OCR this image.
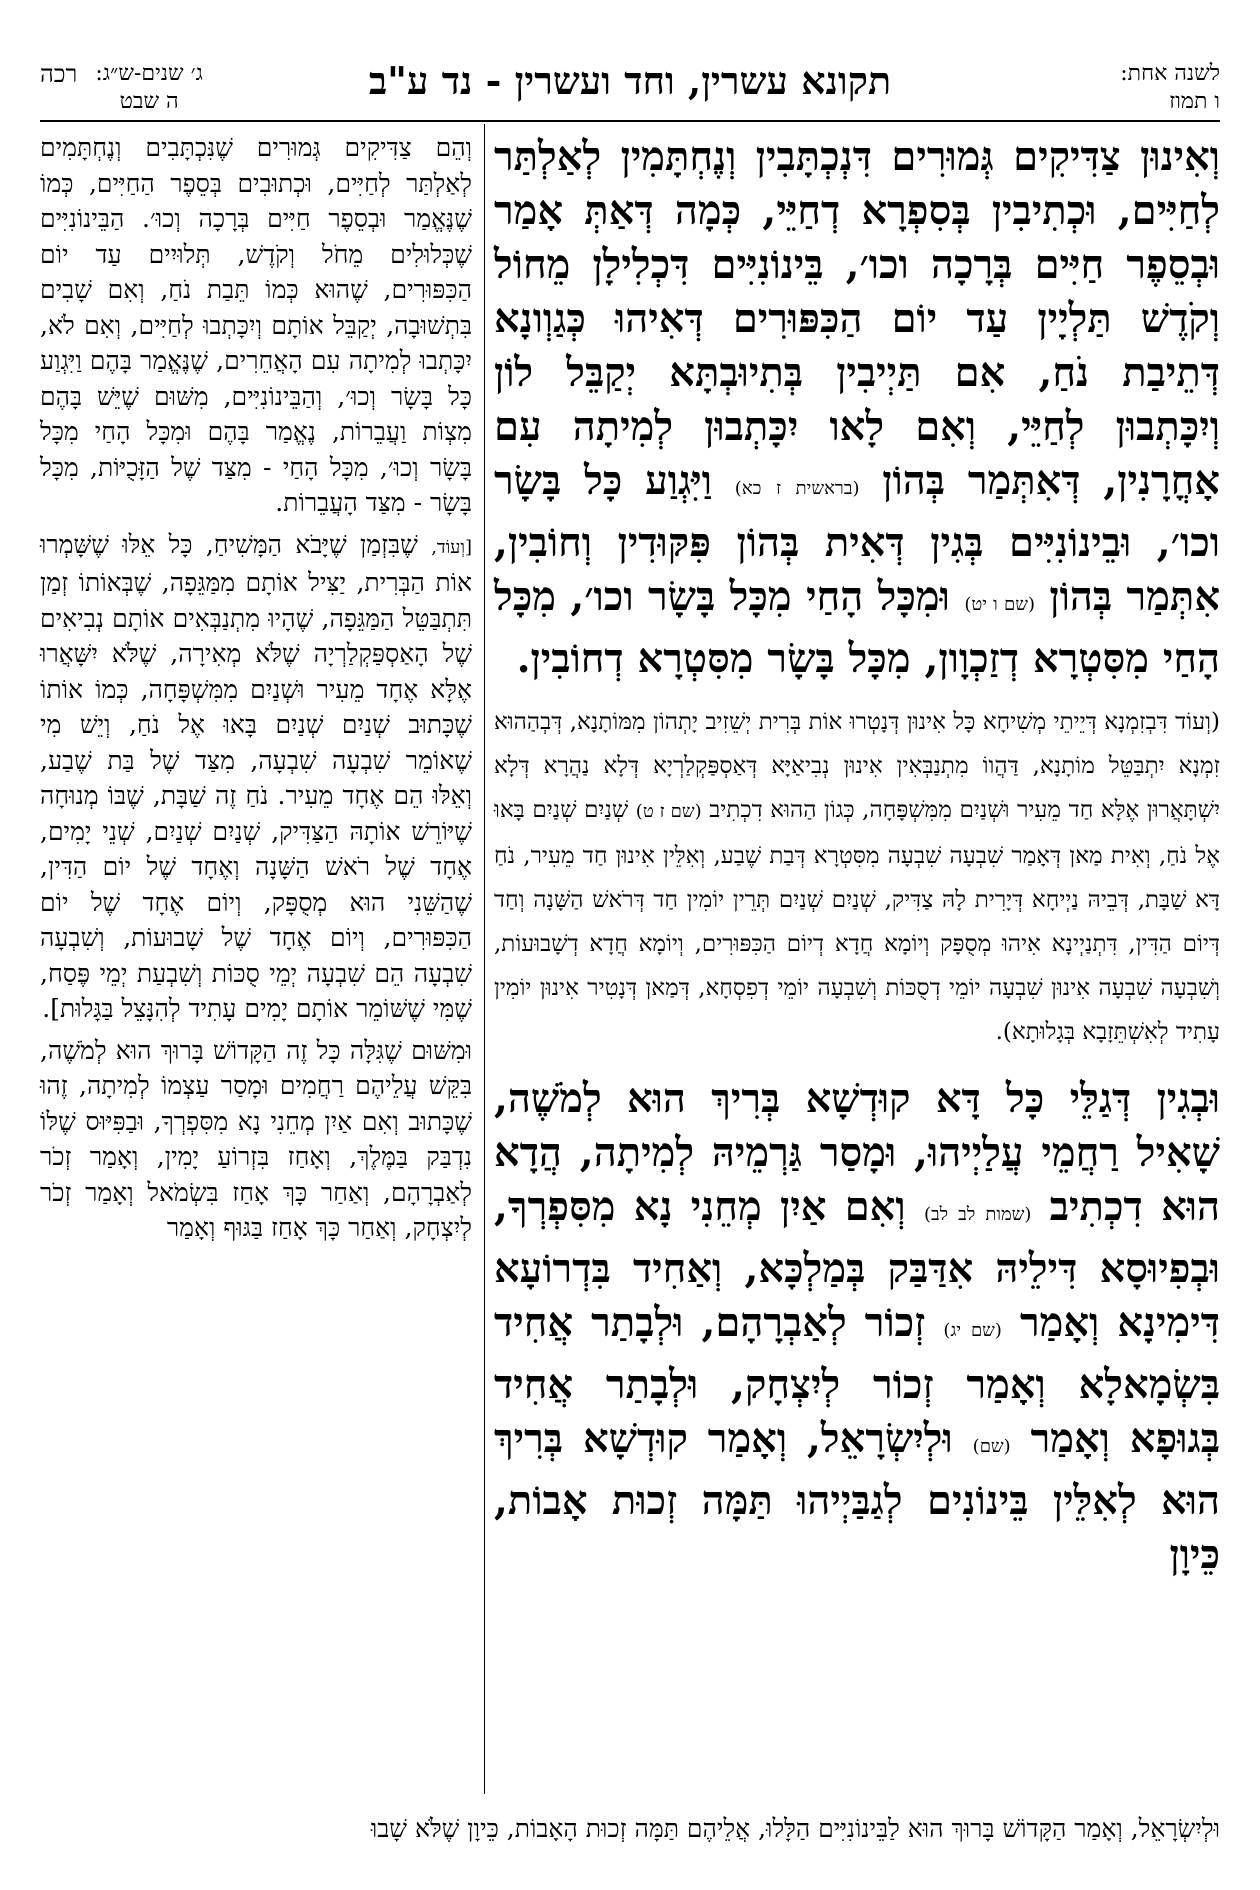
לשנה אחת:
ו תמוז
תקונא עשרין, וחד ועשרין - נד ע"ב
ג׳ שנים-ש״ג:
ה שבט
רכה
וְאִינוּן צַדִּיקִים גְּמוּרִים דִּנְכְתָּבִין וְנֶחְתָּמִין לְאַלְתַּר לְחַיִּים, וּכְתִיבִין בְּסִפְרָא דְחַיֵּי, כְּמָה דְּאַתְּ אָמַר וּבְסֵפֶר חַיִּים בְּרָכָה וכו׳, בֵּינוֹנִיִּים דִּכְלִילָן מֵחוֹל וְקֹדֶשׁ תַּלְיָין עַד יוֹם הַכִּפּוּרִים דְּאִיהוּ כְּגַוְונָא דְּתֵיבַת נֹחַ, אִם תַּיְיבִין בְּתִיוּבְתָּא יְקַבֵּל לוֹן וְיִכָּתְבוּן לְחַיֵּי, וְאִם לָאו יִכָּתְבוּן לְמִיתָה עִם אָחֳרָנִין, דְּאִתְּמַר בְּהוֹן (בראשית ז כא) וַיִּגְוַע כָּל בָּשָׂר וכו׳, וּבֵינוֹנִיִּים בְּגִין דְּאִית בְּהוֹן פִּקּוּדִין וְחוֹבִין, אִתְּמַר בְּהוֹן (שם ו יט) וּמִכָּל הָחַי מִכָּל בָּשָׂר וכו׳, מִכָּל הָחַי מִסִּטְרָא דְזַכְוָון, מִכָּל בָּשָׂר מִסִּטְרָא דְחוֹבִין.
(וְעוֹד דִּבְזִמְנָא דְּיֵיתֵי מְשִׁיחָא כָּל אִינוּן דְּנָטְרוּ אוֹת בְּרִית יְשֵׁזִיב יָתְהוֹן מִמּוֹתָנָא, דְּבְהַהוּא זִמְנָא יִתְבַּטֵּל מוֹתָנָא, דַּהֲווֹ מִתְנַבְּאִין אִינוּן נְבִיאַיָּא דְּאַסְפַּקְלַרְיָא דְּלָא נַהֲרָא דְּלָא יִשְׁתָּאֲרוּן אֶלָּא חַד מֵעִיר וּשְׁנַיִם מִמִּשְׁפָּחָה, כְּגוֹן הַהוּא דִכְתִיב (שם ז ט) שְׁנַיִם שְׁנַיִם בָּאוּ אֶל נֹחַ, וְאִית מַאן דְּאָמַר שִׁבְעָה שִׁבְעָה מִסִּטְרָא דְּבַת שֶׁבַע, וְאִלֵּין אִינוּן חַד מֵעִיר, נֹחַ דָּא שַׁבָּת, דְּבֵיהּ נַיְיחָא דְּיָרִית לָהּ צַדִּיק, שְׁנַיִם שְׁנַיִם תְּרֵין יוֹמִין חַד דְּרֹאשׁ הַשָּׁנָה וְחַד דְּיוֹם הַדִּין, דִּתְנַיְינָא אִיהוּ מְסֻפָּק וְיוֹמָא חֲדָא דְיוֹם הַכִּפּוּרִים, וְיוֹמָא חֲדָא דְשָׁבוּעוֹת, וְשִׁבְעָה שִׁבְעָה אִינוּן שִׁבְעָה יוֹמֵי דְסֻכּוֹת וְשִׁבְעָה יוֹמֵי דְפִסְחָא, דְּמַאן דְּנָטִיר אִינוּן יוֹמִין עָתִיד לְאִשְׁתֵּזָבָא בְּגָלוּתָא).
וּבְגִין דְּגַלֵּי כָּל דָּא קוּדְשָׁא בְּרִיךְ הוּא לְמֹשֶׁה, שָׁאִיל רַחֲמֵי עֲלַיְיהוּ, וּמָסַר גַּרְמֵיהּ לְמִיתָה, הֲדָא הוּא דִכְתִיב (שמות לב לב) וְאִם אַיִן מְחֵנִי נָא מִסִּפְרְךָ, וּבְפִיוּסָא דִּילֵיהּ אִדַּבַּק בְּמַלְכָּא, וְאַחִיד בִּדְרוֹעָא דִּימִינָא וְאָמַר (שם יג) זְכוֹר לְאַבְרָהָם, וּלְבָתַר אֲחִיד בִּשְׂמָאלָא וְאָמַר זְכוֹר לְיִצְחָק, וּלְבָתַר אֲחִיד בְּגוּפָא וְאָמַר (שם) וּלְיִשְׂרָאֵל, וְאָמַר קוּדְשָׁא בְּרִיךְ הוּא לְאִלֵּין בֵּינוֹנִים לְגַבַּיְיהוּ תַּמָּה זְכוּת אָבוֹת, כֵּיוָן

וְהֵם צַדִּיקִים גְּמוּרִים שֶׁנִּכְתָּבִים וְנֶחְתָּמִים לְאַלְתַּר לְחַיִּים, וּכְתוּבִים בְּסֵפֶר הַחַיִּים, כְּמוֹ שֶׁנֶּאֱמַר וּבְסֵפֶר חַיִּים בְּרָכָה וְכוּ׳. הַבֵּינוֹנִיִּים שֶׁכְּלוּלִים מֵחֹל וְקֹדֶשׁ, תְּלוּיִים עַד יוֹם הַכִּפּוּרִים, שֶׁהוּא כְּמוֹ תֵּבַת נֹחַ, וְאִם שָׁבִים בִּתְשׁוּבָה, יְקַבֵּל אוֹתָם וְיִכָּתְבוּ לְחַיִּים, וְאִם לֹא, יִכָּתְבוּ לְמִיתָה עִם הָאֲחֵרִים, שֶׁנֶּאֱמַר בָּהֶם וַיִּגְוַע כָּל בָּשָׂר וְכוּ׳, וְהַבֵּינוֹנִיִּים, מִשּׁוּם שֶׁיֵּשׁ בָּהֶם מִצְוֹת וַעֲבֵרוֹת, נֶאֱמַר בָּהֶם וּמִכָּל הָחַי מִכָּל בָּשָׂר וְכוּ׳, מִכָּל הָחַי - מִצַּד שֶׁל הַזָּכֻיּוֹת, מִכָּל בָּשָׂר - מִצַּד הָעֲבֵרוֹת.

[וְעוֹד, שֶׁבִּזְמַן שֶׁיָּבֹא הַמָּשִׁיחַ, כָּל אֵלּוּ שֶׁשָּׁמְרוּ אוֹת הַבְּרִית, יַצִּיל אוֹתָם מִמַּגֵּפָה, שֶׁבְּאוֹתוֹ זְמַן תִּתְבַּטֵּל הַמַּגֵּפָה, שֶׁהָיוּ מִתְנַבְּאִים אוֹתָם נְבִיאִים שֶׁל הָאַסְפַּקְלַרְיָה שֶׁלֹּא מְאִירָה, שֶׁלֹּא יִשָּׁאֲרוּ אֶלָּא אֶחָד מֵעִיר וּשְׁנַיִם מִמִּשְׁפָּחָה, כְּמוֹ אוֹתוֹ שֶׁכָּתוּב שְׁנַיִם שְׁנַיִם בָּאוּ אֶל נֹחַ, וְיֵשׁ מִי שֶׁאוֹמֵר שִׁבְעָה שִׁבְעָה, מִצַּד שֶׁל בַּת שֶׁבַע, וְאֵלּוּ הֵם אֶחָד מֵעִיר. נֹחַ זֶה שַׁבָּת, שֶׁבּוֹ מְנוּחָה שֶׁיּוֹרֵשׁ אוֹתָהּ הַצַּדִּיק, שְׁנַיִם שְׁנַיִם, שְׁנֵי יָמִים, אֶחָד שֶׁל רֹאשׁ הַשָּׁנָה וְאֶחָד שֶׁל יוֹם הַדִּין, שֶׁהַשֵּׁנִי הוּא מְסֻפָּק, וְיוֹם אֶחָד שֶׁל יוֹם הַכִּפּוּרִים, וְיוֹם אֶחָד שֶׁל שָׁבוּעוֹת, וְשִׁבְעָה שִׁבְעָה הֵם שִׁבְעָה יְמֵי סֻכּוֹת וְשִׁבְעַת יְמֵי פֶּסַח, שֶׁמִּי שֶׁשּׁוֹמֵר אוֹתָם יָמִים עָתִיד לְהִנָּצֵל בַּגָּלוּת].

וּמִשּׁוּם שֶׁגִּלָּה כָּל זֶה הַקָּדוֹשׁ בָּרוּךְ הוּא לְמֹשֶׁה, בִּקֵּשׁ עֲלֵיהֶם רַחֲמִים וּמָסַר עַצְמוֹ לְמִיתָה, זֶהוּ שֶׁכָּתוּב וְאִם אַיִן מְחֵנִי נָא מִסִּפְרְךָ, וּבַפִּיּוּס שֶׁלּוֹ נִדְבַּק בַּמֶּלֶךְ, וְאָחַז בִּזְרוֹעַ יָמִין, וְאָמַר זְכֹר לְאַבְרָהָם, וְאַחַר כָּךְ אָחַז בִּשְׂמֹאל וְאָמַר זְכֹר לְיִצְחָק, וְאַחַר כָּךְ אָחַז בַּגּוּף וְאָמַר

וּלְיִשְׂרָאֵל, וְאָמַר הַקָּדוֹשׁ בָּרוּךְ הוּא לַבֵּינוֹנִיִּים הַלָּלוּ, אֲלֵיהֶם תַּמָּה זְכוּת הָאָבוֹת, כֵּיוָן שֶׁלֹּא שָׁבוּ
